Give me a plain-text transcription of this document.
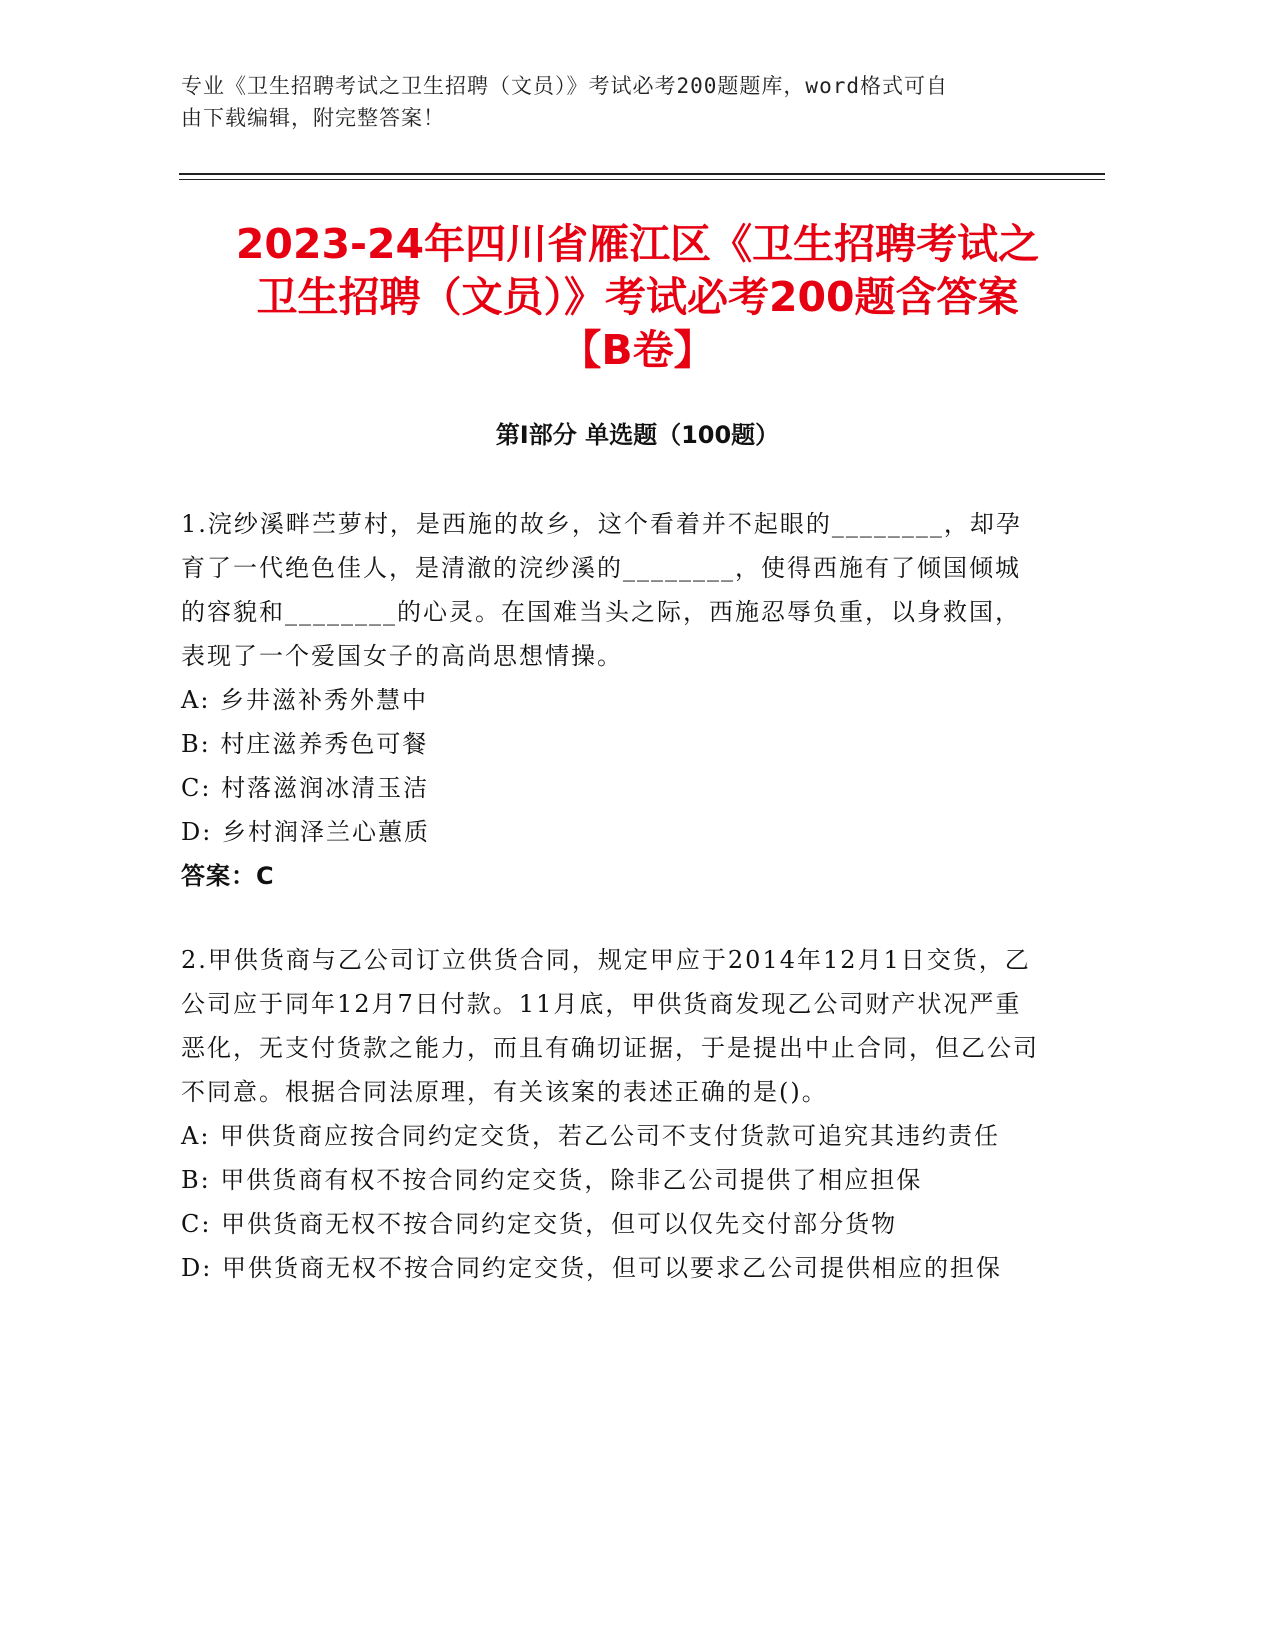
专业《卫生招聘考试之卫生招聘（文员）》考试必考200题题库，word格式可自
由下载编辑，附完整答案！
2023-24年四川省雁江区《卫生招聘考试之
卫生招聘（文员）》考试必考200题含答案
【B卷】
第I部分 单选题（100题）

1.浣纱溪畔苎萝村，是西施的故乡，这个看着并不起眼的________，却孕育了一代绝色佳人，是清澈的浣纱溪的________，使得西施有了倾国倾城的容貌和________的心灵。在国难当头之际，西施忍辱负重，以身救国，表现了一个爱国女子的高尚思想情操。

A: 乡井滋补秀外慧中

B: 村庄滋养秀色可餐

C: 村落滋润冰清玉洁

D: 乡村润泽兰心蕙质

答案：C

2.甲供货商与乙公司订立供货合同，规定甲应于2014年12月1日交货，乙公司应于同年12月7日付款。11月底，甲供货商发现乙公司财产状况严重恶化，无支付货款之能力，而且有确切证据，于是提出中止合同，但乙公司不同意。根据合同法原理，有关该案的表述正确的是()。

A: 甲供货商应按合同约定交货，若乙公司不支付货款可追究其违约责任

B: 甲供货商有权不按合同约定交货，除非乙公司提供了相应担保

C: 甲供货商无权不按合同约定交货，但可以仅先交付部分货物

D: 甲供货商无权不按合同约定交货，但可以要求乙公司提供相应的担保
